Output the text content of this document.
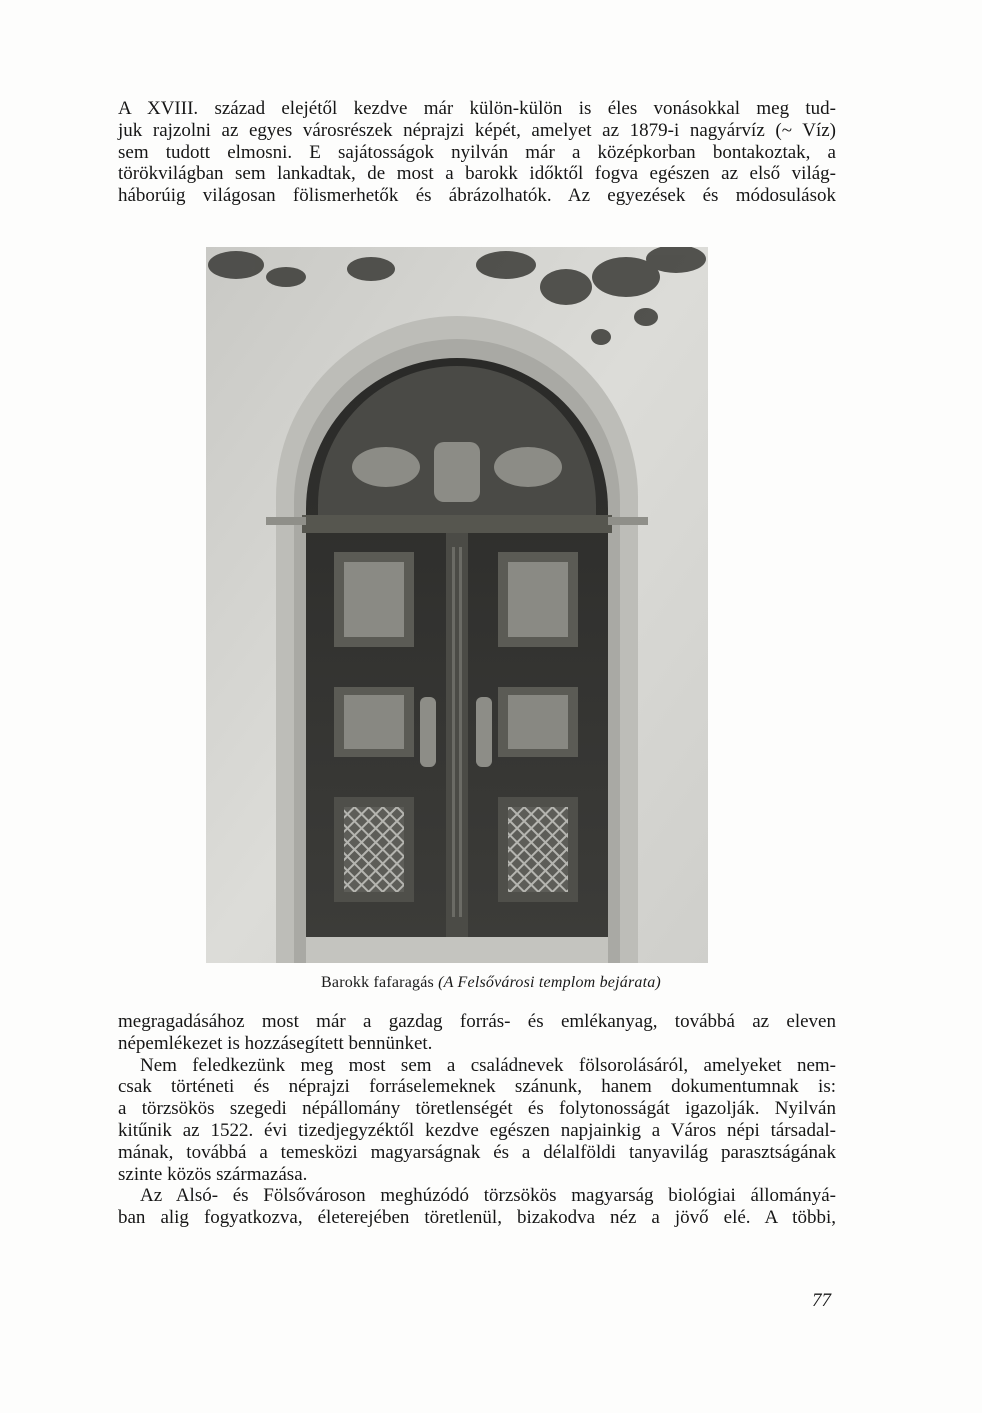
A XVIII. század elejétől kezdve már külön-külön is éles vonásokkal meg tud-
juk rajzolni az egyes városrészek néprajzi képét, amelyet az 1879-i nagyárvíz (~ Víz)
sem tudott elmosni. E sajátosságok nyilván már a középkorban bontakoztak, a
törökvilágban sem lankadtak, de most a barokk időktől fogva egészen az első világ-
háborúig világosan fölismerhetők és ábrázolhatók. Az egyezések és módosulások
Barokk fafaragás (A Felsővárosi templom bejárata)
megragadásához most már a gazdag forrás- és emlékanyag, továbbá az eleven
népemlékezet is hozzásegített bennünket.
Nem feledkezünk meg most sem a családnevek fölsorolásáról, amelyeket nem-
csak történeti és néprajzi forráselemeknek szánunk, hanem dokumentumnak is:
a törzsökös szegedi népállomány töretlenségét és folytonosságát igazolják. Nyilván
kitűnik az 1522. évi tizedjegyzéktől kezdve egészen napjainkig a Város népi társadal-
mának, továbbá a temesközi magyarságnak és a délalföldi tanyavilág parasztságának
szinte közös származása.
Az Alsó- és Fölsővároson meghúzódó törzsökös magyarság biológiai állományá-
ban alig fogyatkozva, életerejében töretlenül, bizakodva néz a jövő elé. A többi,
77
